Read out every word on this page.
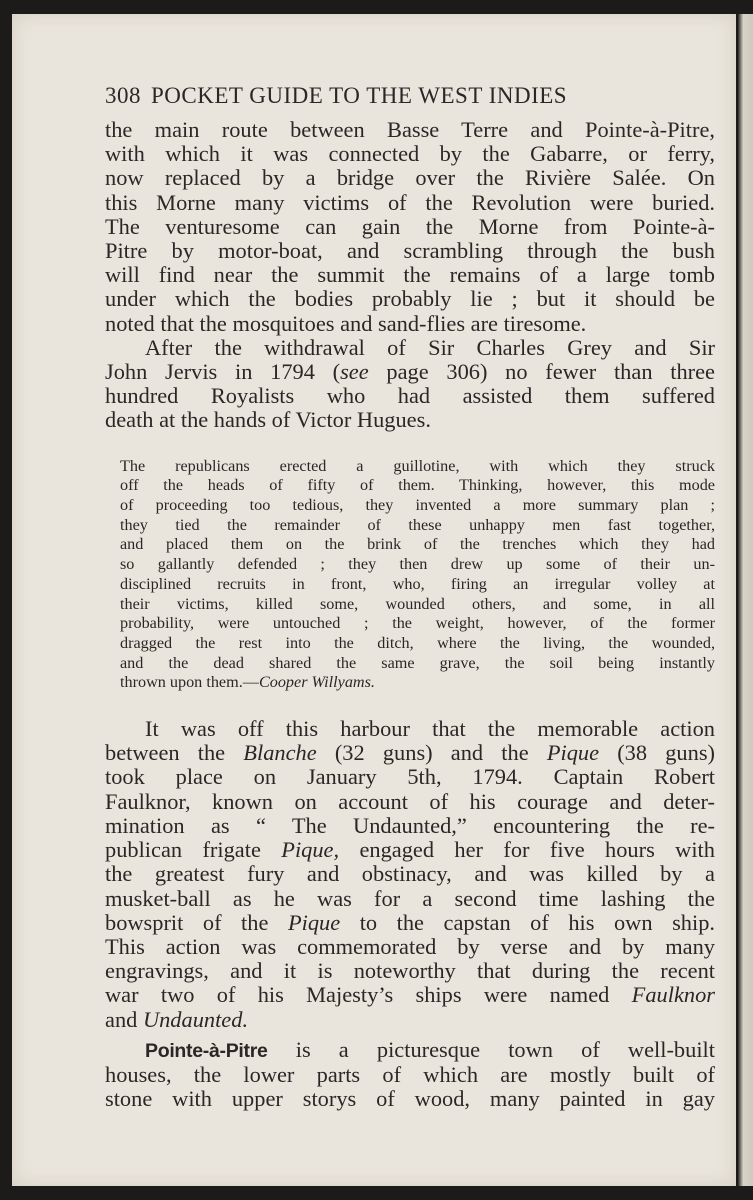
308 POCKET GUIDE TO THE WEST INDIES
the main route between Basse Terre and Pointe-à-Pitre,
with which it was connected by the Gabarre, or ferry,
now replaced by a bridge over the Rivière Salée. On
this Morne many victims of the Revolution were buried.
The venturesome can gain the Morne from Pointe-à-
Pitre by motor-boat, and scrambling through the bush
will find near the summit the remains of a large tomb
under which the bodies probably lie ; but it should be
noted that the mosquitoes and sand-flies are tiresome.
After the withdrawal of Sir Charles Grey and Sir
John Jervis in 1794 (see page 306) no fewer than three
hundred Royalists who had assisted them suffered
death at the hands of Victor Hugues.
The republicans erected a guillotine, with which they struck
off the heads of fifty of them. Thinking, however, this mode
of proceeding too tedious, they invented a more summary plan ;
they tied the remainder of these unhappy men fast together,
and placed them on the brink of the trenches which they had
so gallantly defended ; they then drew up some of their un-
disciplined recruits in front, who, firing an irregular volley at
their victims, killed some, wounded others, and some, in all
probability, were untouched ; the weight, however, of the former
dragged the rest into the ditch, where the living, the wounded,
and the dead shared the same grave, the soil being instantly
thrown upon them.—Cooper Willyams.
It was off this harbour that the memorable action
between the Blanche (32 guns) and the Pique (38 guns)
took place on January 5th, 1794. Captain Robert
Faulknor, known on account of his courage and deter-
mination as “ The Undaunted,” encountering the re-
publican frigate Pique, engaged her for five hours with
the greatest fury and obstinacy, and was killed by a
musket-ball as he was for a second time lashing the
bowsprit of the Pique to the capstan of his own ship.
This action was commemorated by verse and by many
engravings, and it is noteworthy that during the recent
war two of his Majesty’s ships were named Faulknor
and Undaunted.
Pointe-à-Pitre is a picturesque town of well-built
houses, the lower parts of which are mostly built of
stone with upper storys of wood, many painted in gay
